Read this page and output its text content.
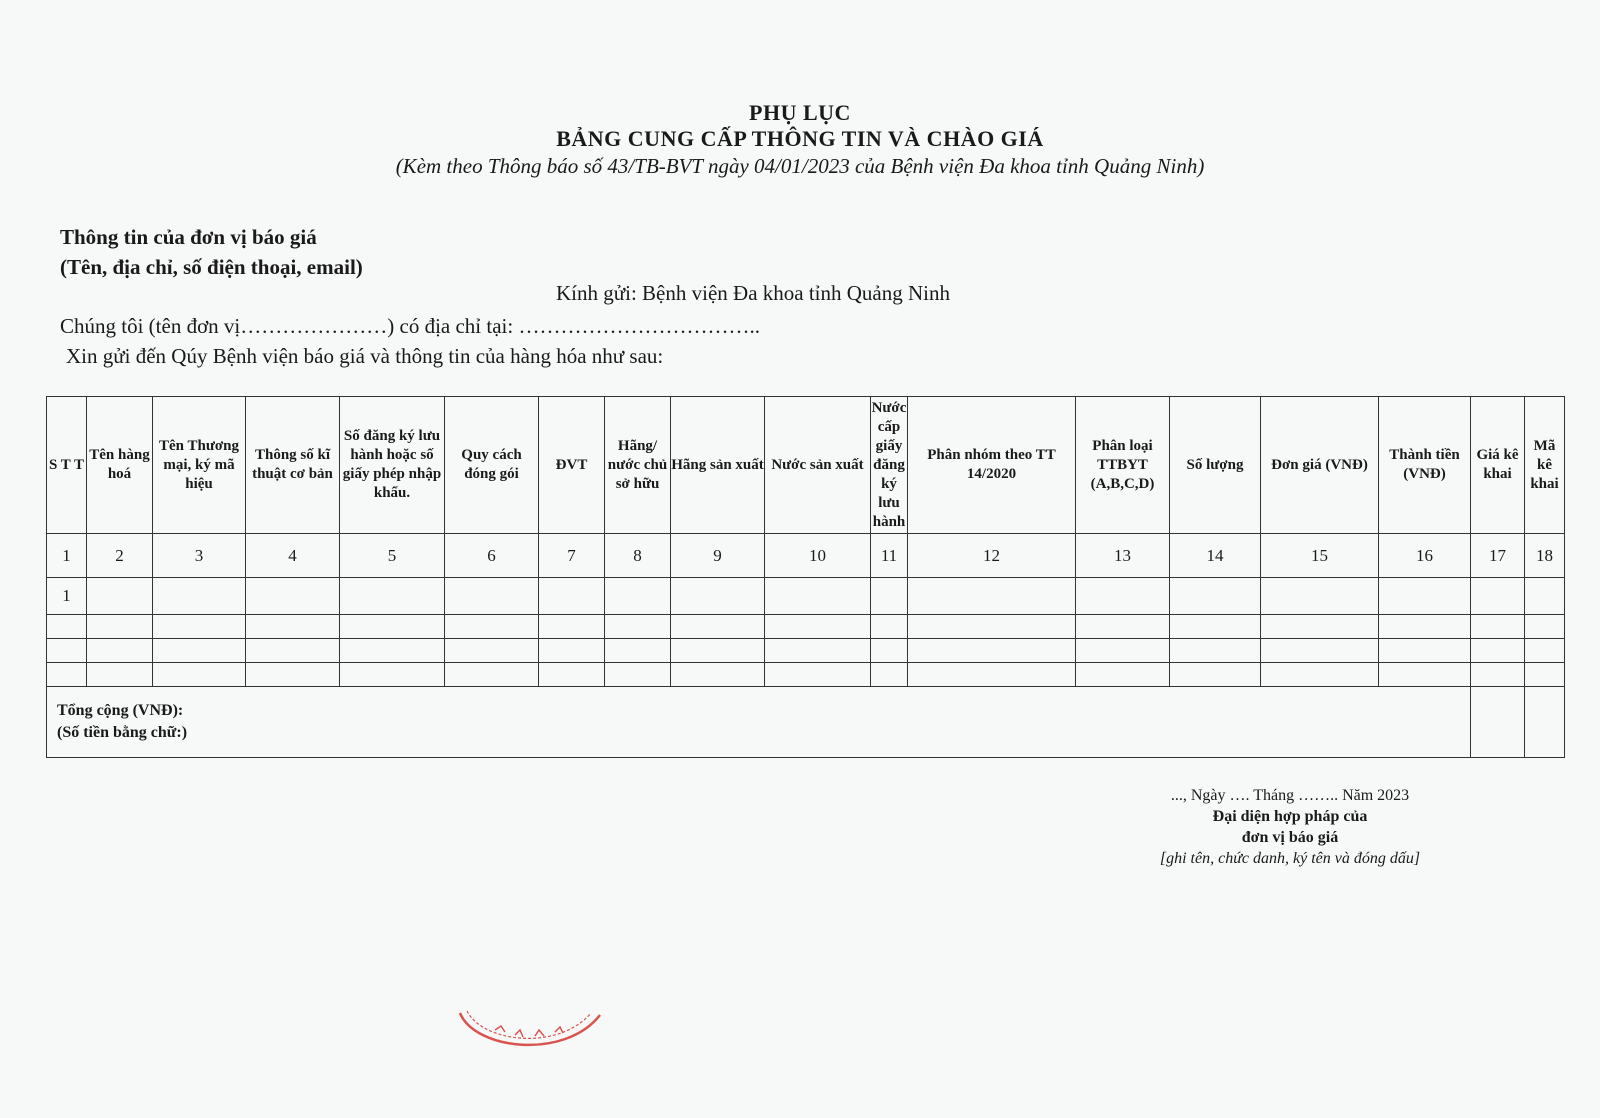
PHỤ LỤC
BẢNG CUNG CẤP THÔNG TIN VÀ CHÀO GIÁ
(Kèm theo Thông báo số 43/TB-BVT ngày 04/01/2023 của Bệnh viện Đa khoa tỉnh Quảng Ninh)
Thông tin của đơn vị báo giá
(Tên, địa chỉ, số điện thoại, email)
Kính gửi: Bệnh viện Đa khoa tỉnh Quảng Ninh
Chúng tôi (tên đơn vị…………………) có địa chỉ tại: ……………………………..
Xin gửi đến Qúy Bệnh viện báo giá và thông tin của hàng hóa như sau:
S T T	Tên hàng hoá	Tên Thương mại, ký mã hiệu	Thông số kĩ thuật cơ bản	Số đăng ký lưu hành hoặc số giấy phép nhập khẩu.	Quy cách đóng gói	ĐVT	Hãng/ nước chủ sở hữu	Hãng sản xuất	Nước sản xuất	Nước cấp giấy đăng ký lưu hành	Phân nhóm theo TT 14/2020	Phân loại TTBYT (A,B,C,D)	Số lượng	Đơn giá (VNĐ)	Thành tiền (VNĐ)	Giá kê khai	Mã kê khai
1	2	3	4	5	6	7	8	9	10	11	12	13	14	15	16	17	18
1																	

Tổng cộng (VNĐ):
(Số tiền bằng chữ:)																	

..., Ngày …. Tháng …….. Năm 2023
Đại diện hợp pháp của
đơn vị báo giá
[ghi tên, chức danh, ký tên và đóng dấu]
